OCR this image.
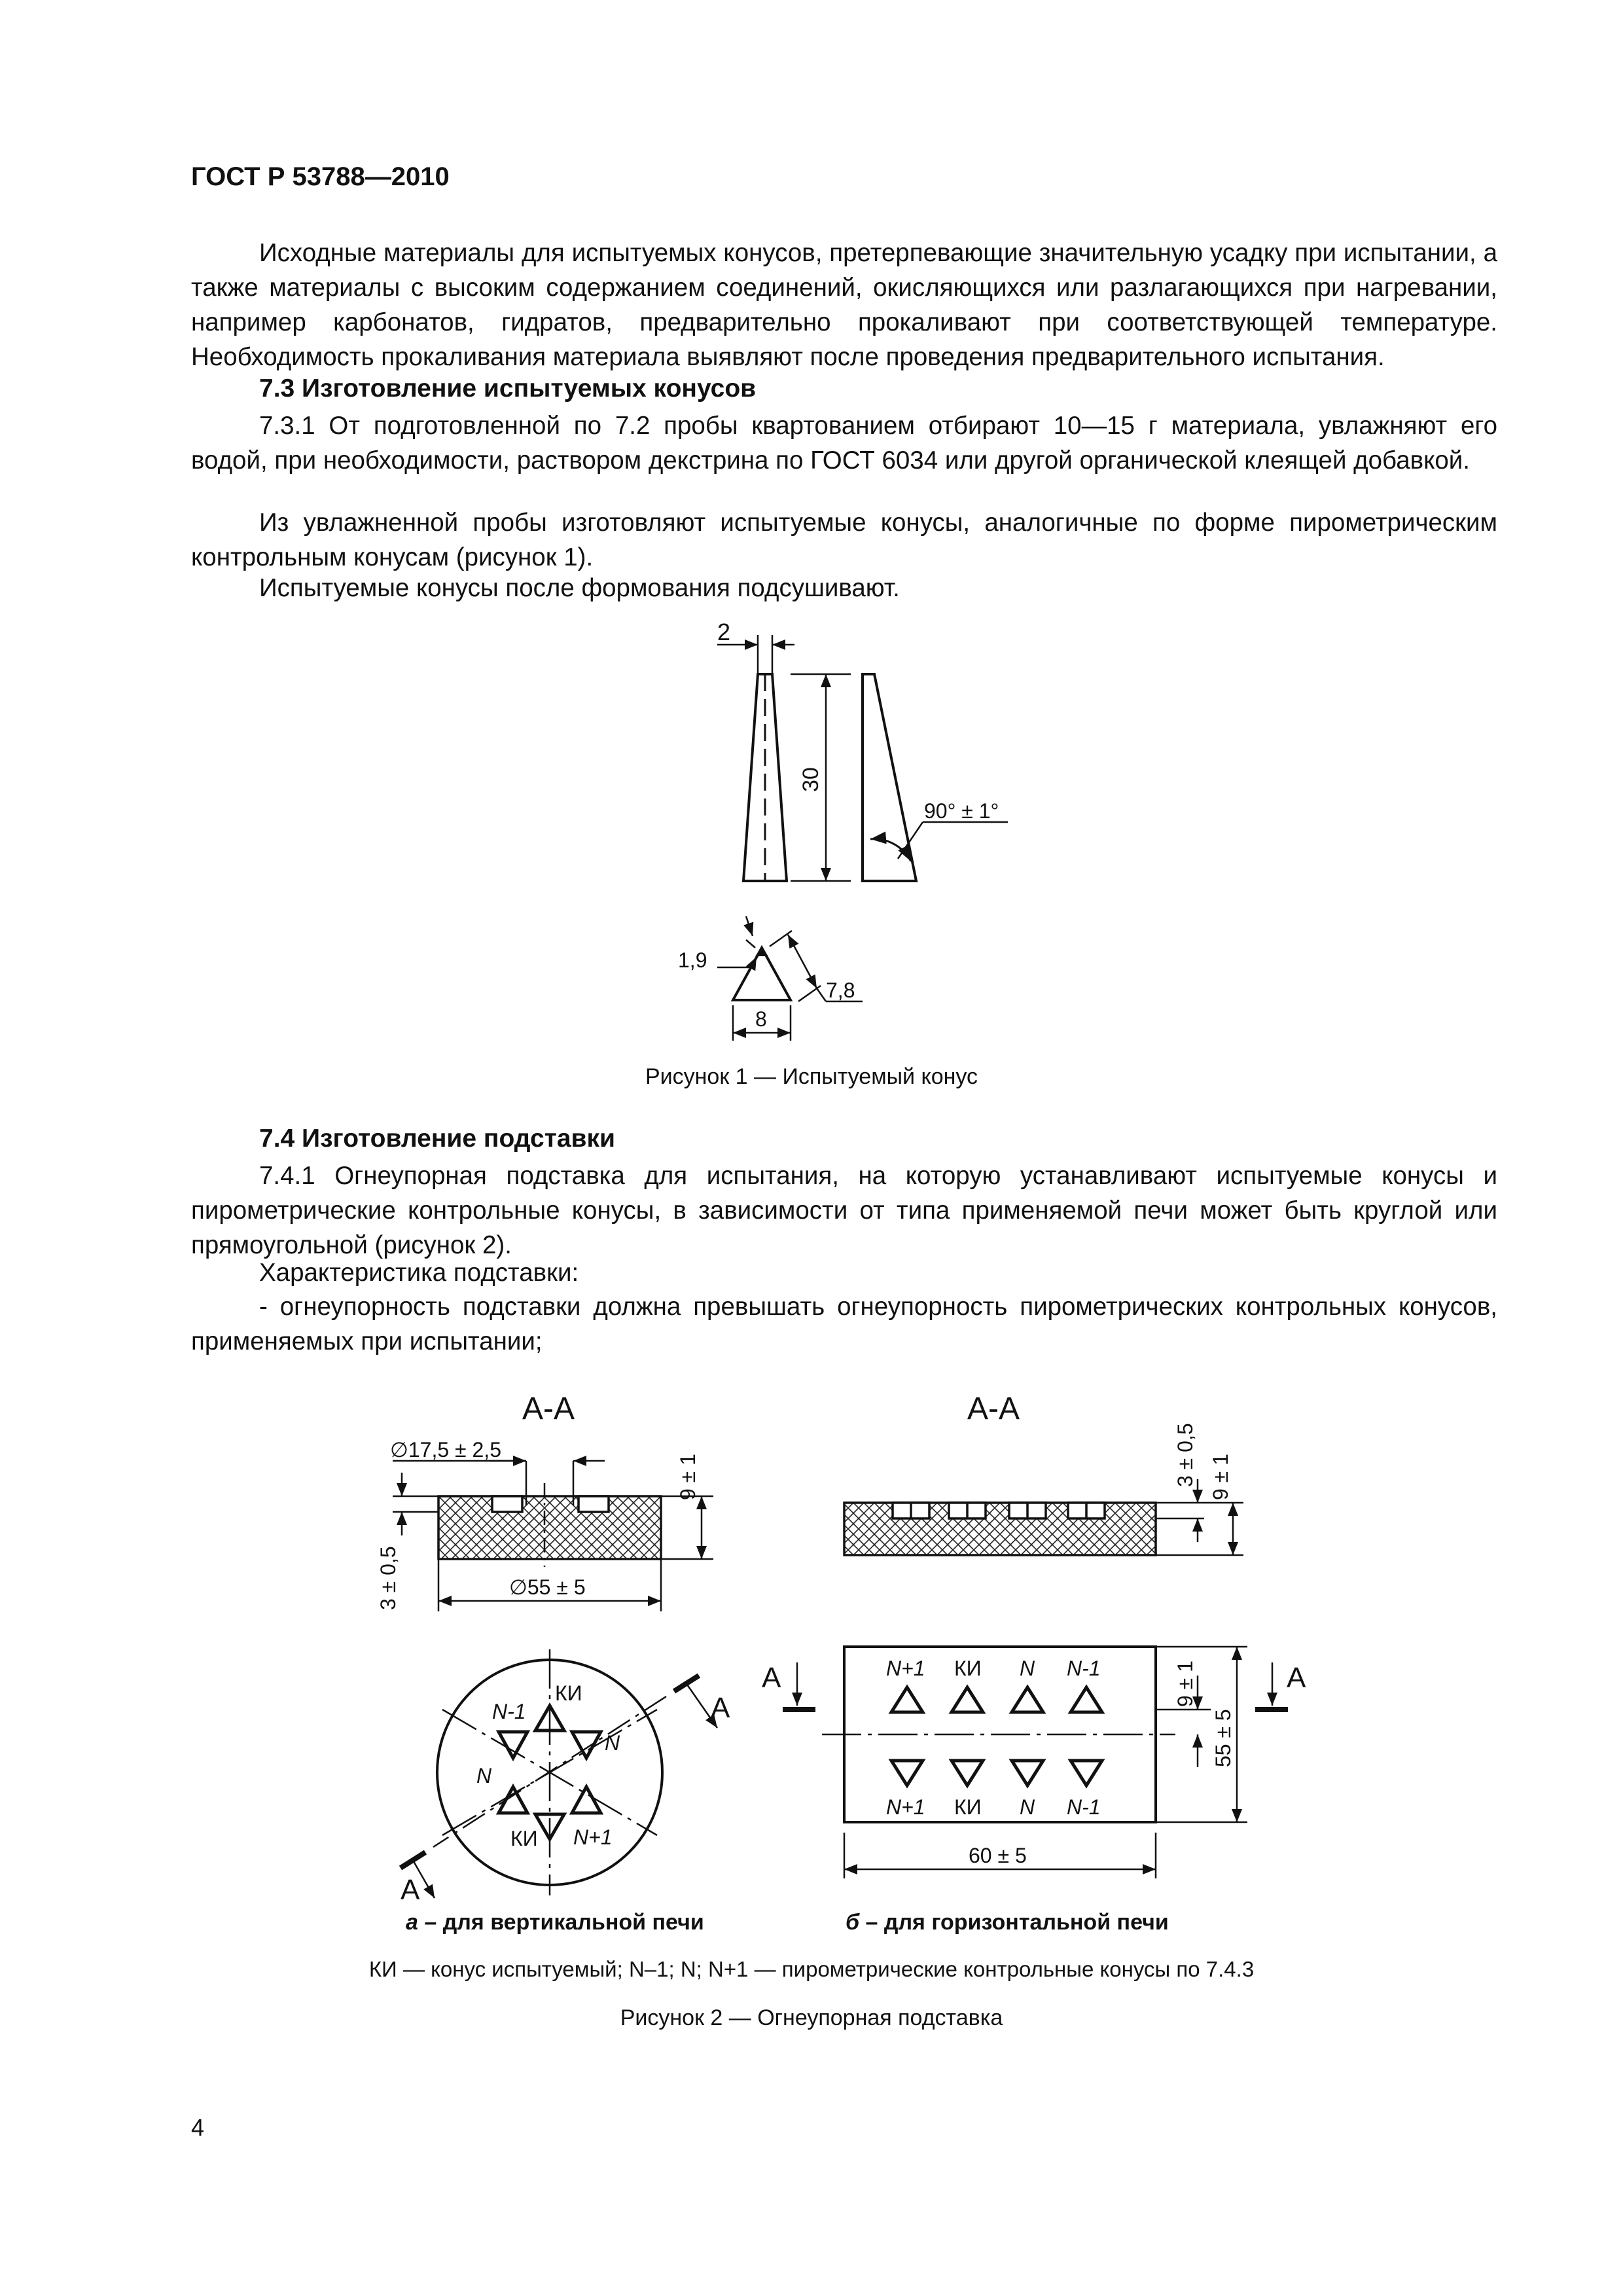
ГОСТ Р 53788—2010

Исходные материалы для испытуемых конусов, претерпевающие значительную усадку при испытании, а также материалы с высоким содержанием соединений, окисляющихся или разлагающихся при нагревании, например карбонатов, гидратов, предварительно прокаливают при соответствующей температуре. Необходимость прокаливания материала выявляют после проведения предварительного испытания.

7.3 Изготовление испытуемых конусов

7.3.1 От подготовленной по 7.2 пробы квартованием отбирают 10—15 г материала, увлажняют его водой, при необходимости, раствором декстрина по ГОСТ 6034 или другой органической клеящей добавкой.

Из увлажненной пробы изготовляют испытуемые конусы, аналогичные по форме пирометрическим контрольным конусам (рисунок 1).

Испытуемые конусы после формования подсушивают.

Рисунок 1 — Испытуемый конус
7.4 Изготовление подставки

7.4.1 Огнеупорная подставка для испытания, на которую устанавливают испытуемые конусы и пирометрические контрольные конусы, в зависимости от типа применяемой печи может быть круглой или прямоугольной (рисунок 2).

Характеристика подставки:

- огнеупорность подставки должна превышать огнеупорность пирометрических контрольных конусов, применяемых при испытании;

а – для вертикальной печи	б – для горизонтальной печи
КИ — конус испытуемый; N–1; N; N+1 — пирометрические контрольные конусы по 7.4.3
Рисунок 2 — Огнеупорная подставка
4
2
30
90° ± 1°
1,9
7,8
8
А-А
∅17,5 ± 2,5
9 ± 1
3 ± 0,5	∅55 ± 5
КИ
N-1
N
N
N+1
КИ
A
A
А-А
3 ± 0,5 9 ± 1
N+1 КИ N N-1
N+1 КИ N N-1
A	A
55 ± 5
9 ± 1
60 ± 5
